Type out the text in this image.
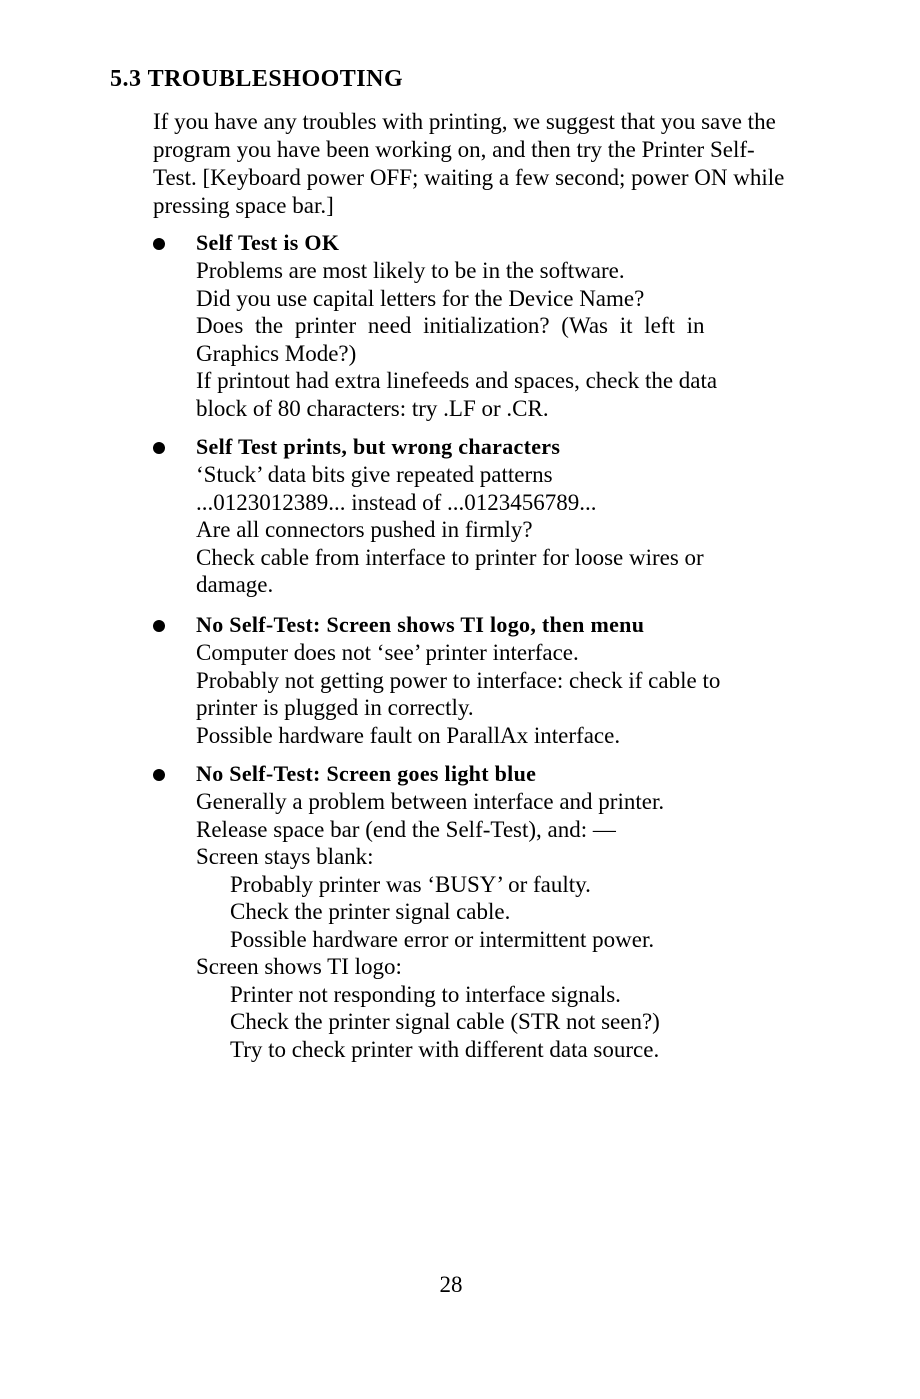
5.3 TROUBLESHOOTING

If you have any troubles with printing, we suggest that you save the program you have been working on, and then try the Printer Self-Test. [Keyboard power OFF; waiting a few second; power ON while pressing space bar.]

Self Test is OK
Problems are most likely to be in the software.
Did you use capital letters for the Device Name?
Does the printer need initialization? (Was it left in
Graphics Mode?)
If printout had extra linefeeds and spaces, check the data
block of 80 characters: try .LF or .CR.
Self Test prints, but wrong characters
‘Stuck’ data bits give repeated patterns
...0123012389... instead of ...0123456789...
Are all connectors pushed in firmly?
Check cable from interface to printer for loose wires or
damage.
No Self-Test: Screen shows TI logo, then menu
Computer does not ‘see’ printer interface.
Probably not getting power to interface: check if cable to
printer is plugged in correctly.
Possible hardware fault on ParallAx interface.
No Self-Test: Screen goes light blue
Generally a problem between interface and printer.
Release space bar (end the Self-Test), and: —
Screen stays blank:
Probably printer was ‘BUSY’ or faulty.
Check the printer signal cable.
Possible hardware error or intermittent power.
Screen shows TI logo:
Printer not responding to interface signals.
Check the printer signal cable (STR not seen?)
Try to check printer with different data source.
28
